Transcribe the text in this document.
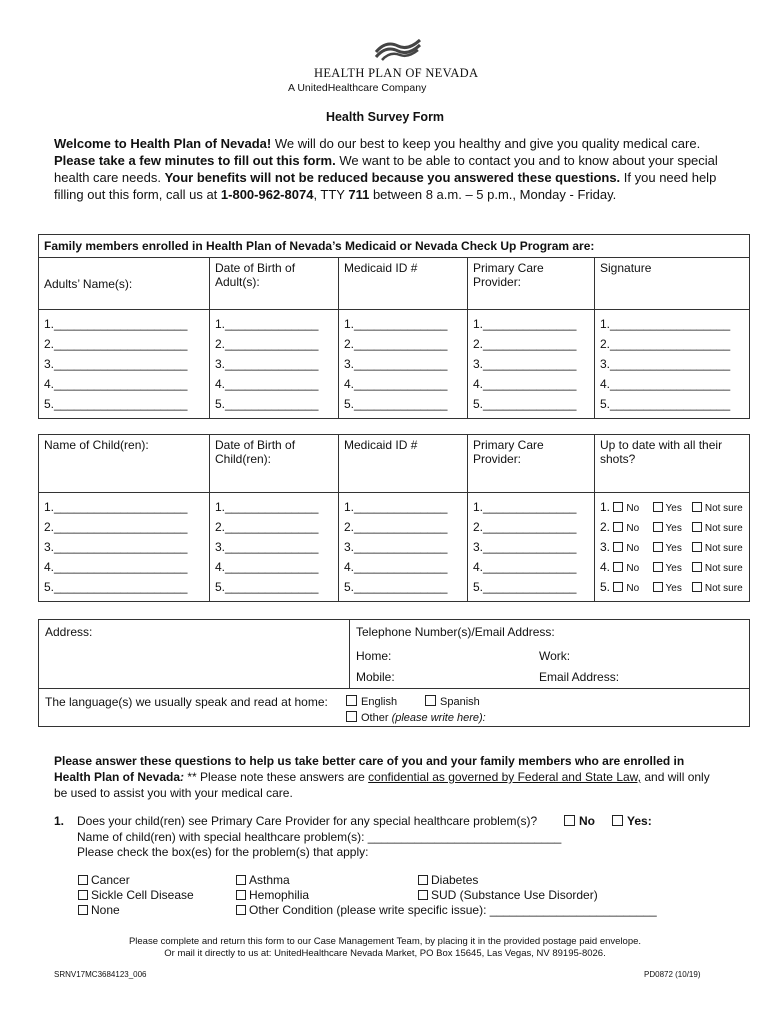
HEALTH PLAN OF NEVADA
A UnitedHealthcare Company
Health Survey Form
Welcome to Health Plan of Nevada! We will do our best to keep you healthy and give you quality medical care. Please take a few minutes to fill out this form. We want to be able to contact you and to know about your special health care needs. Your benefits will not be reduced because you answered these questions. If you need help filling out this form, call us at 1-800-962-8074, TTY 711 between 8 a.m. – 5 p.m., Monday - Friday.
Family members enrolled in Health Plan of Nevada’s Medicaid or Nevada Check Up Program are:				
Adults’ Name(s):	Date of Birth of Adult(s):	Medicaid ID #	Primary Care Provider:	Signature
1.____________________	1.______________	1.______________	1.______________	1.__________________
2.____________________	2.______________	2.______________	2.______________	2.__________________
3.____________________	3.______________	3.______________	3.______________	3.__________________
4.____________________	4.______________	4.______________	4.______________	4.__________________
5.____________________	5.______________	5.______________	5.______________	5.__________________
Name of Child(ren):	Date of Birth of Child(ren):	Medicaid ID #	Primary Care Provider:	Up to date with all their shots?
1.____________________	1.______________	1.______________	1.______________	1. No Yes Not sure
2.____________________	2.______________	2.______________	2.______________	2. No Yes Not sure
3.____________________	3.______________	3.______________	3.______________	3. No Yes Not sure
4.____________________	4.______________	4.______________	4.______________	4. No Yes Not sure
5.____________________	5.______________	5.______________	5.______________	5. No Yes Not sure
Address:	Telephone Number(s)/Email Address:
Home:	Work:
Mobile:	Email Address:
The language(s) we usually speak and read at home:	English	Spanish
Other (please write here):
Please answer these questions to help us take better care of you and your family members who are enrolled in Health Plan of Nevada: ** Please note these answers are confidential as governed by Federal and State Law, and will only be used to assist you with your medical care.
1. Does your child(ren) see Primary Care Provider for any special healthcare problem(s)?	No	Yes:
Name of child(ren) with special healthcare problem(s): _____________________________
Please check the box(es) for the problem(s) that apply:
Cancer	Asthma	Diabetes
Sickle Cell Disease	Hemophilia	SUD (Substance Use Disorder)
None	Other Condition (please write specific issue): _________________________
Please complete and return this form to our Case Management Team, by placing it in the provided postage paid envelope.
Or mail it directly to us at: UnitedHealthcare Nevada Market, PO Box 15645, Las Vegas, NV 89195-8026.
SRNV17MC3684123_006	PD0872 (10/19)
